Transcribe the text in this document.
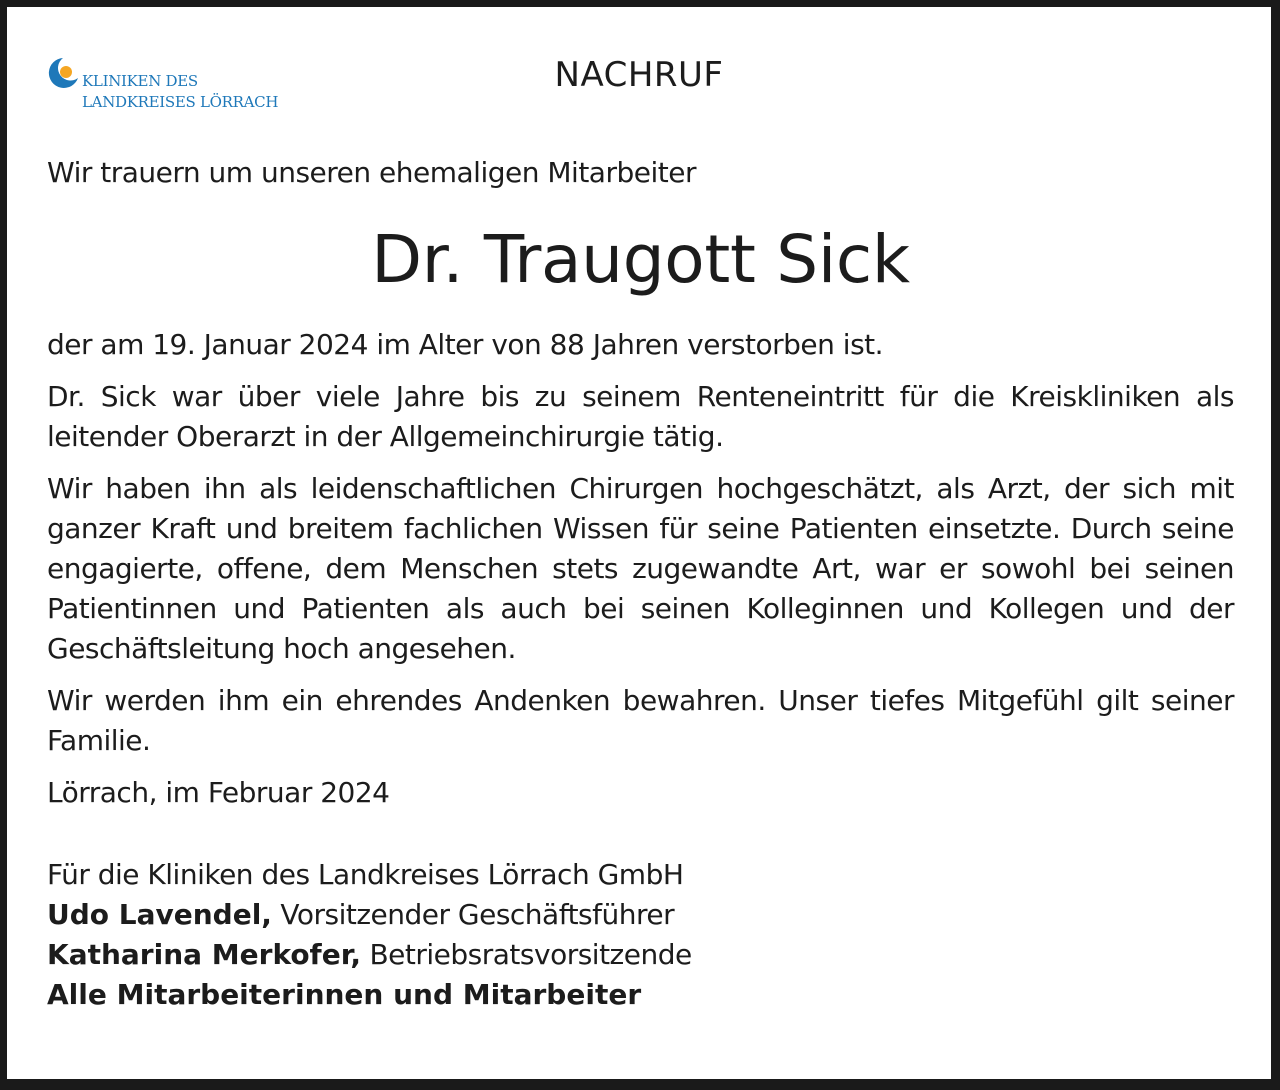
KLINIKEN DES
LANDKREISES LÖRRACH
NACHRUF

Wir trauern um unseren ehemaligen Mitarbeiter

Dr. Traugott Sick

der am 19. Januar 2024 im Alter von 88 Jahren verstorben ist.

Dr. Sick war über viele Jahre bis zu seinem Renteneintritt für die Kreiskliniken als leitender Oberarzt in der Allgemeinchirurgie tätig.

Wir haben ihn als leidenschaftlichen Chirurgen hochgeschätzt, als Arzt, der sich mit ganzer Kraft und breitem fachlichen Wissen für seine Patienten einsetzte. Durch seine engagierte, offene, dem Menschen stets zugewandte Art, war er sowohl bei seinen Patientinnen und Patienten als auch bei seinen Kolleginnen und Kollegen und der Geschäftsleitung hoch angesehen.

Wir werden ihm ein ehrendes Andenken bewahren. Unser tiefes Mitgefühl gilt seiner Familie.

Lörrach, im Februar 2024

Für die Kliniken des Landkreises Lörrach GmbH
Udo Lavendel, Vorsitzender Geschäftsführer
Katharina Merkofer, Betriebsratsvorsitzende
Alle Mitarbeiterinnen und Mitarbeiter
